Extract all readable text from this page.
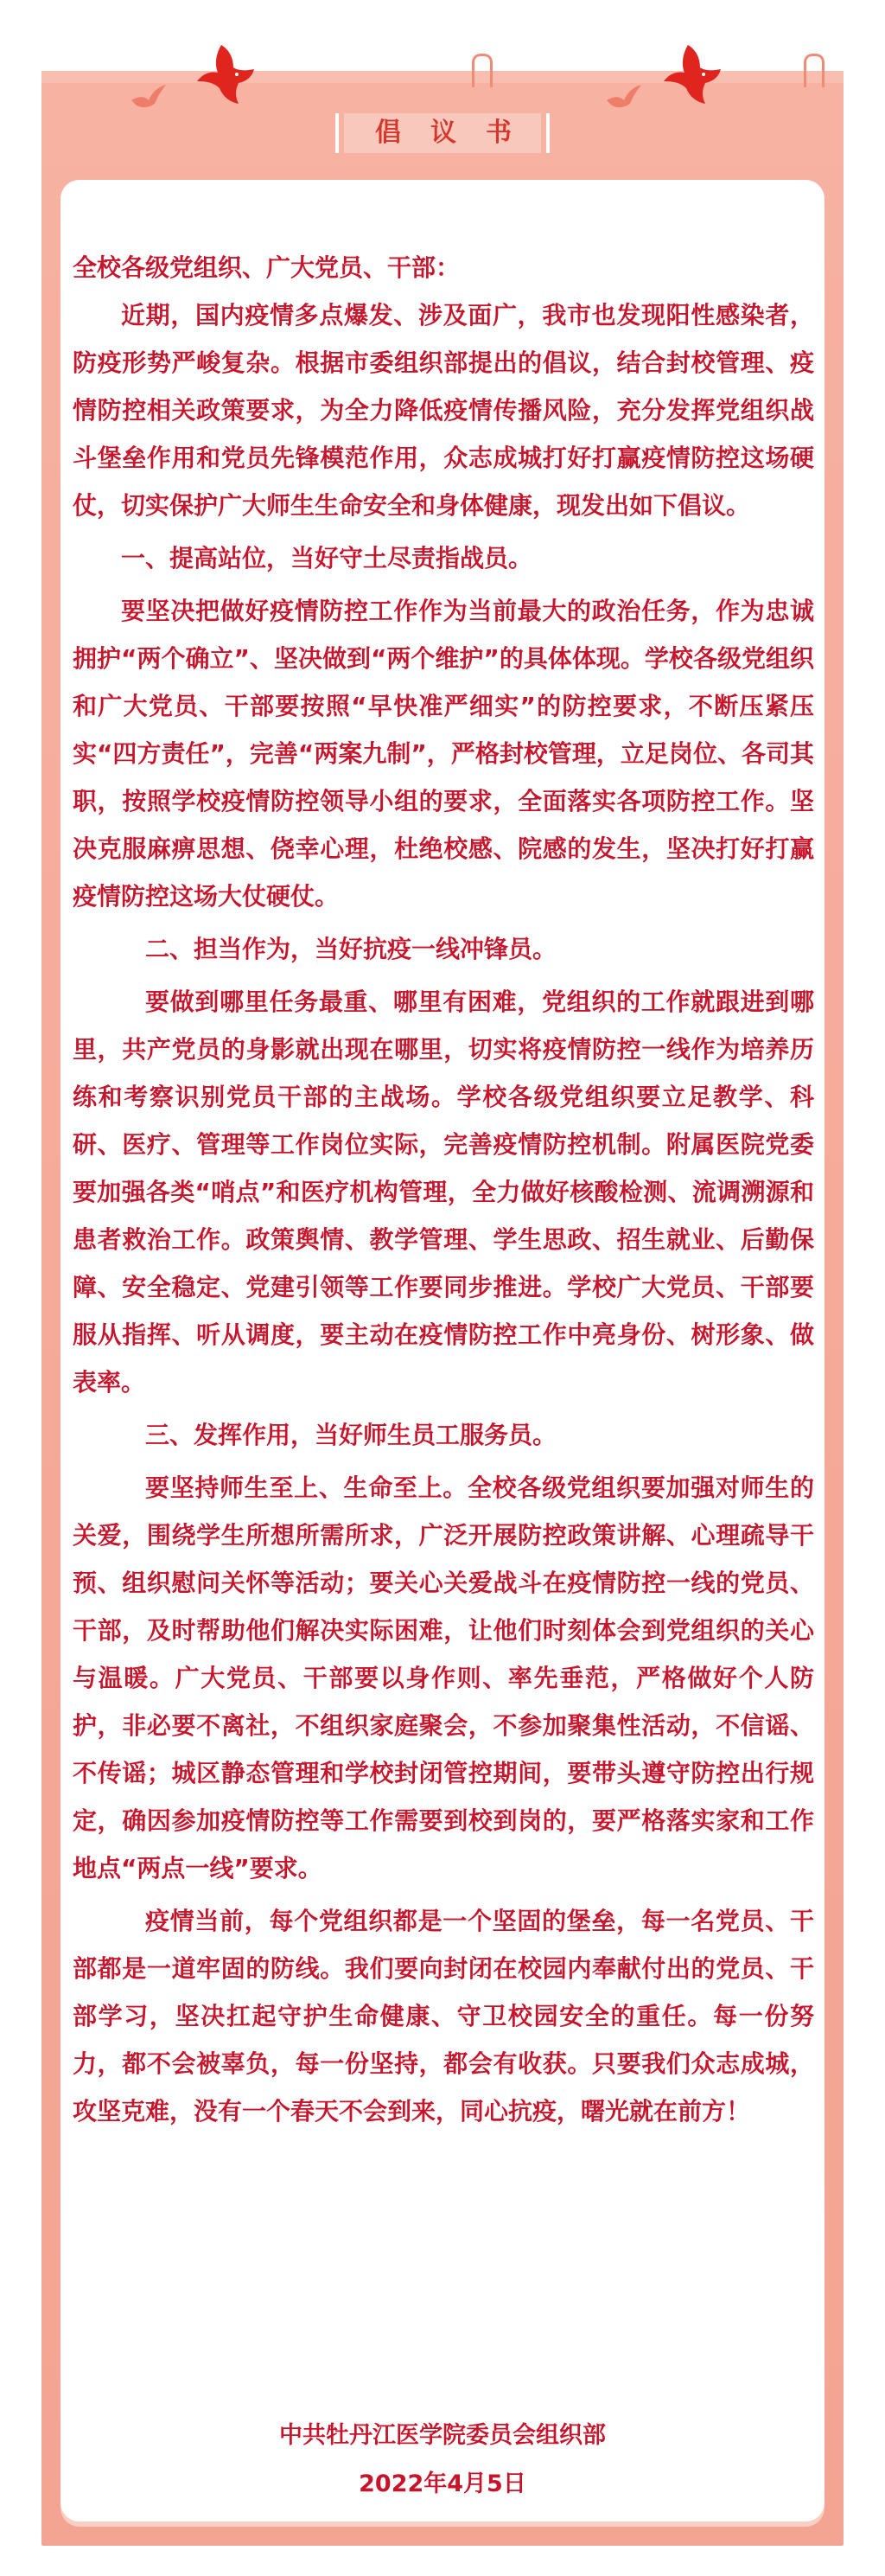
倡议书

全校各级党组织、广大党员、干部：

近期，国内疫情多点爆发、涉及面广，我市也发现阳性感染者，防疫形势严峻复杂。根据市委组织部提出的倡议，结合封校管理、疫情防控相关政策要求，为全力降低疫情传播风险，充分发挥党组织战斗堡垒作用和党员先锋模范作用，众志成城打好打赢疫情防控这场硬仗，切实保护广大师生生命安全和身体健康，现发出如下倡议。

一、提高站位，当好守土尽责指战员。

要坚决把做好疫情防控工作作为当前最大的政治任务，作为忠诚拥护“两个确立”、坚决做到“两个维护”的具体体现。学校各级党组织和广大党员、干部要按照“早快准严细实”的防控要求，不断压紧压实“四方责任”，完善“两案九制”，严格封校管理，立足岗位、各司其职，按照学校疫情防控领导小组的要求，全面落实各项防控工作。坚决克服麻痹思想、侥幸心理，杜绝校感、院感的发生，坚决打好打赢疫情防控这场大仗硬仗。

二、担当作为，当好抗疫一线冲锋员。

要做到哪里任务最重、哪里有困难，党组织的工作就跟进到哪里，共产党员的身影就出现在哪里，切实将疫情防控一线作为培养历练和考察识别党员干部的主战场。学校各级党组织要立足教学、科研、医疗、管理等工作岗位实际，完善疫情防控机制。附属医院党委要加强各类“哨点”和医疗机构管理，全力做好核酸检测、流调溯源和患者救治工作。政策舆情、教学管理、学生思政、招生就业、后勤保障、安全稳定、党建引领等工作要同步推进。学校广大党员、干部要服从指挥、听从调度，要主动在疫情防控工作中亮身份、树形象、做表率。

三、发挥作用，当好师生员工服务员。

要坚持师生至上、生命至上。全校各级党组织要加强对师生的关爱，围绕学生所想所需所求，广泛开展防控政策讲解、心理疏导干预、组织慰问关怀等活动；要关心关爱战斗在疫情防控一线的党员、干部，及时帮助他们解决实际困难，让他们时刻体会到党组织的关心与温暖。广大党员、干部要以身作则、率先垂范，严格做好个人防护，非必要不离社，不组织家庭聚会，不参加聚集性活动，不信谣、不传谣；城区静态管理和学校封闭管控期间，要带头遵守防控出行规定，确因参加疫情防控等工作需要到校到岗的，要严格落实家和工作地点“两点一线”要求。

疫情当前，每个党组织都是一个坚固的堡垒，每一名党员、干部都是一道牢固的防线。我们要向封闭在校园内奉献付出的党员、干部学习，坚决扛起守护生命健康、守卫校园安全的重任。每一份努力，都不会被辜负，每一份坚持，都会有收获。只要我们众志成城，攻坚克难，没有一个春天不会到来，同心抗疫，曙光就在前方！

中共牡丹江医学院委员会组织部
2022年4月5日
